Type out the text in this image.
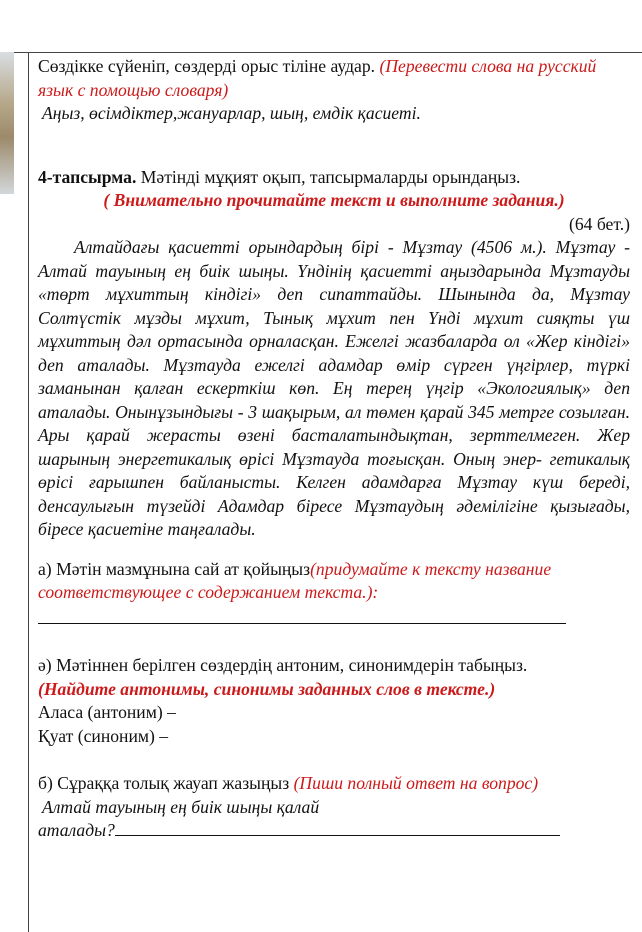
Сөздікке сүйеніп, сөздерді орыс тіліне аудар. (Перевести слова на русский язык с помощью словаря)

Аңыз, өсімдіктер,жануарлар, шың, емдік қасиеті.

4-тапсырма. Мәтінді мұқият оқып, тапсырмаларды орындаңыз.

( Внимательно прочитайте текст и выполните задания.)

(64 бет.)

Алтайдағы қасиетті орындардың бірі - Мұзтау (4506 м.). Мұзтау - Алтай тауының ең биік шыңы. Үндінің қасиетті аңыздарында Мұзтауды «төрт мұхиттың кіндігі» деп сипаттайды. Шынында да, Мұзтау Солтүстік мұзды мұхит, Тынық мұхит пен Үнді мұхит сияқты үш мұхиттың дәл ортасында орналасқан. Ежелгі жазбаларда ол «Жер кіндігі» деп аталады. Мұзтауда ежелгі адамдар өмір сүрген үңгірлер, түркі заманынан қалған ескерткіш көп. Ең терең үңгір «Экологиялық» деп аталады. Онынұзындығы - 3 шақырым, ал төмен қарай 345 метрге созылған. Ары қарай жерасты өзені басталатындықтан, зерттелмеген. Жер шарының энергетикалық өрісі Мұзтауда тоғысқан. Оның энер- гетикалық өрісі ғарышпен байланысты. Келген адамдарға Мұзтау күш береді, денсаулығын түзейді Адамдар біресе Мұзтаудың әдемілігіне қызығады, біресе қасиетіне таңғалады.

а) Мәтін мазмұнына сай ат қойыңыз(придумайте к тексту название соответствующее с содержанием текста.):

ә) Мәтіннен берілген сөздердің антоним, синонимдерін табыңыз.

(Найдите антонимы, синонимы заданных слов в тексте.)

Аласа (антоним) –

Қуат (синоним) –

б) Сұраққа толық жауап жазыңыз (Пиши полный ответ на вопрос)

Алтай тауының ең биік шыңы қалай

аталады?
